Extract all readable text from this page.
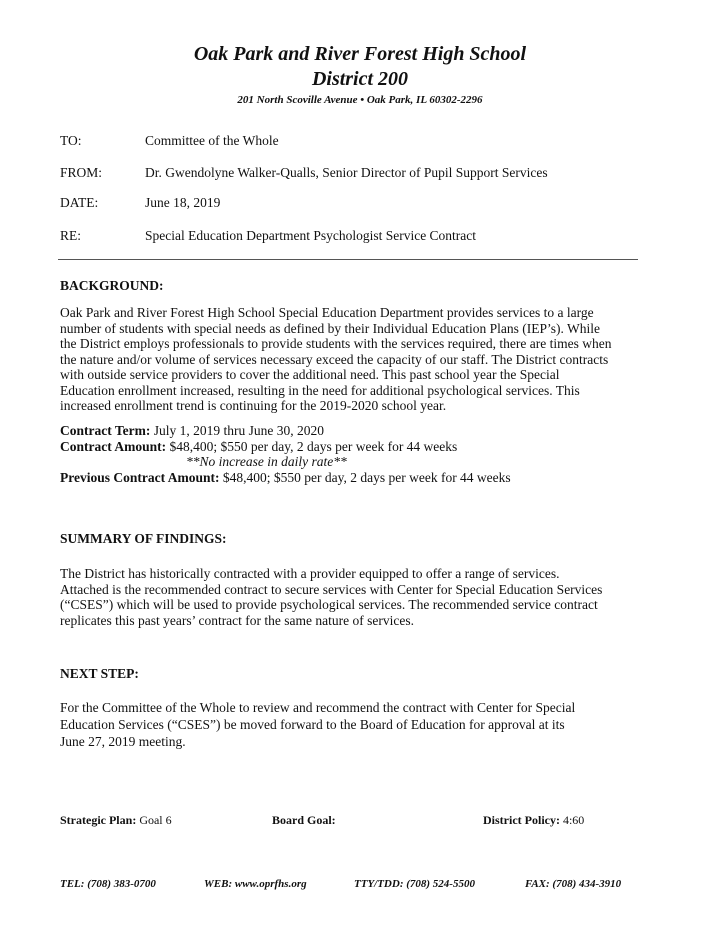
Oak Park and River Forest High School
District 200
201 North Scoville Avenue • Oak Park, IL 60302-2296
TO:	Committee of the Whole
FROM:	Dr. Gwendolyne Walker-Qualls, Senior Director of Pupil Support Services
DATE:	June 18, 2019
RE:	Special Education Department Psychologist Service Contract
BACKGROUND:

Oak Park and River Forest High School Special Education Department provides services to a large

number of students with special needs as defined by their Individual Education Plans (IEP’s). While

the District employs professionals to provide students with the services required, there are times when

the nature and/or volume of services necessary exceed the capacity of our staff. The District contracts

with outside service providers to cover the additional need. This past school year the Special

Education enrollment increased, resulting in the need for additional psychological services. This

increased enrollment trend is continuing for the 2019-2020 school year.

Contract Term: July 1, 2019 thru June 30, 2020

Contract Amount: $48,400; $550 per day, 2 days per week for 44 weeks

**No increase in daily rate**

Previous Contract Amount: $48,400; $550 per day, 2 days per week for 44 weeks

SUMMARY OF FINDINGS:

The District has historically contracted with a provider equipped to offer a range of services.

Attached is the recommended contract to secure services with Center for Special Education Services

(“CSES”) which will be used to provide psychological services. The recommended service contract

replicates this past years’ contract for the same nature of services.

NEXT STEP:

For the Committee of the Whole to review and recommend the contract with Center for Special

Education Services (“CSES”) be moved forward to the Board of Education for approval at its

June 27, 2019 meeting.

Strategic Plan: Goal 6	Board Goal:	District Policy: 4:60
TEL: (708) 383-0700	WEB: www.oprfhs.org	TTY/TDD: (708) 524-5500	FAX: (708) 434-3910
